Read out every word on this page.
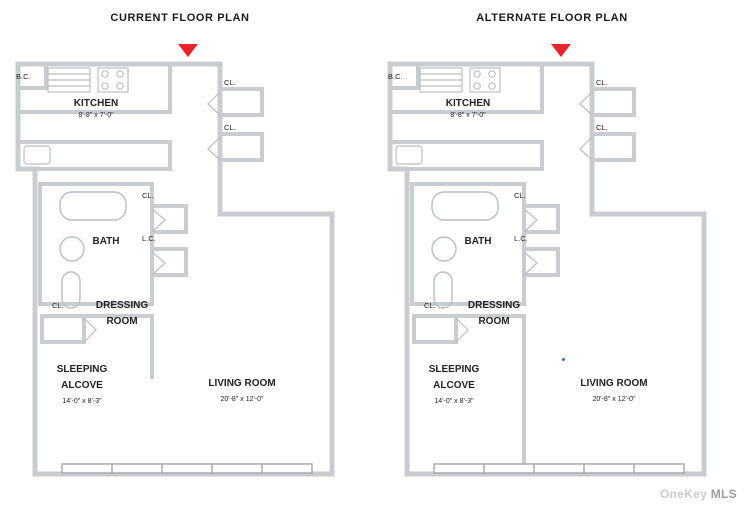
CURRENT FLOOR PLAN	ALTERNATE FLOOR PLAN
B.C.
KITCHEN
8'-8" x 7'-0"
CL.
CL.
CL.
L.C.
BATH
CL.	DRESSING
ROOM
SLEEPING
ALCOVE
14'-0" x 8'-3"
LIVING ROOM
20'-8" x 12'-0"
B.C.
KITCHEN
8'-8" x 7'-0"
CL.
CL.
CL.
L.C.
BATH
CL.	DRESSING
ROOM
SLEEPING
ALCOVE
14'-0" x 8'-3"
LIVING ROOM
20'-8" x 12'-0"
OneKey MLS
